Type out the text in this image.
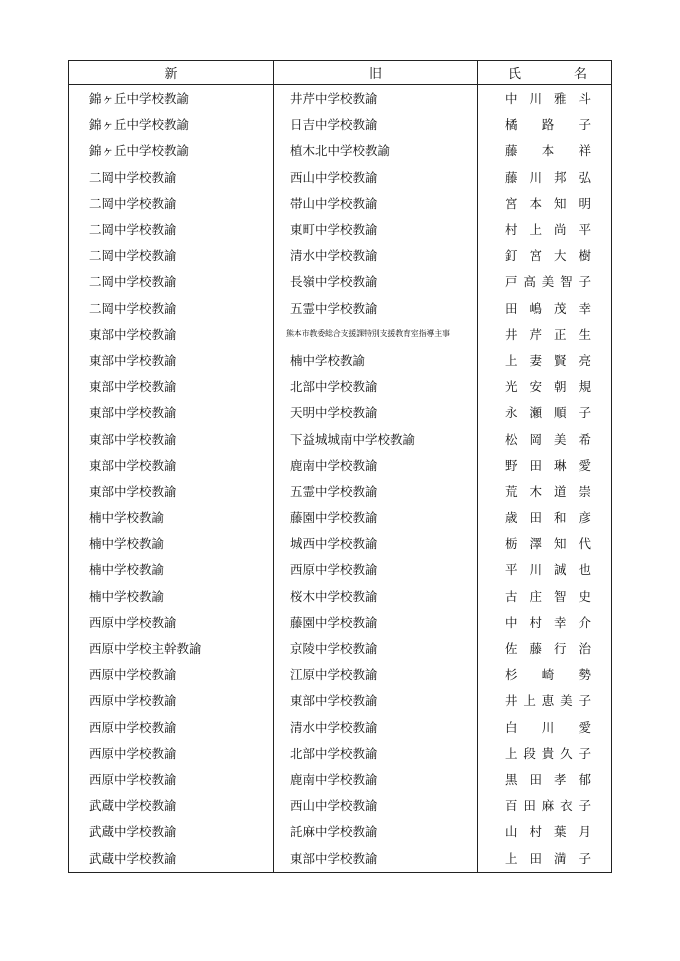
新	旧	氏 名

錦ヶ丘中学校教諭	井芹中学校教諭	中 川 雅 斗

錦ヶ丘中学校教諭	日吉中学校教諭	橘 路 子

錦ヶ丘中学校教諭	植木北中学校教諭	藤 本 祥

二岡中学校教諭	西山中学校教諭	藤 川 邦 弘

二岡中学校教諭	帯山中学校教諭	宮 本 知 明

二岡中学校教諭	東町中学校教諭	村 上 尚 平

二岡中学校教諭	清水中学校教諭	釘 宮 大 樹

二岡中学校教諭	長嶺中学校教諭	戸 高 美 智 子

二岡中学校教諭	五霊中学校教諭	田 嶋 茂 幸

東部中学校教諭	熊本市教委総合支援課特別支援教育室指導主事	井 芹 正 生

東部中学校教諭	楠中学校教諭	上 妻 賢 亮

東部中学校教諭	北部中学校教諭	光 安 朝 規

東部中学校教諭	天明中学校教諭	永 瀬 順 子

東部中学校教諭	下益城城南中学校教諭	松 岡 美 希

東部中学校教諭	鹿南中学校教諭	野 田 琳 愛

東部中学校教諭	五霊中学校教諭	荒 木 道 崇

楠中学校教諭	藤園中学校教諭	歳 田 和 彦

楠中学校教諭	城西中学校教諭	栃 澤 知 代

楠中学校教諭	西原中学校教諭	平 川 誠 也

楠中学校教諭	桜木中学校教諭	古 庄 智 史

西原中学校教諭	藤園中学校教諭	中 村 幸 介

西原中学校主幹教諭	京陵中学校教諭	佐 藤 行 治

西原中学校教諭	江原中学校教諭	杉 崎 勢

西原中学校教諭	東部中学校教諭	井 上 恵 美 子

西原中学校教諭	清水中学校教諭	白 川 愛

西原中学校教諭	北部中学校教諭	上 段 貴 久 子

西原中学校教諭	鹿南中学校教諭	黒 田 孝 郁

武蔵中学校教諭	西山中学校教諭	百 田 麻 衣 子

武蔵中学校教諭	託麻中学校教諭	山 村 葉 月

武蔵中学校教諭	東部中学校教諭	上 田 満 子
